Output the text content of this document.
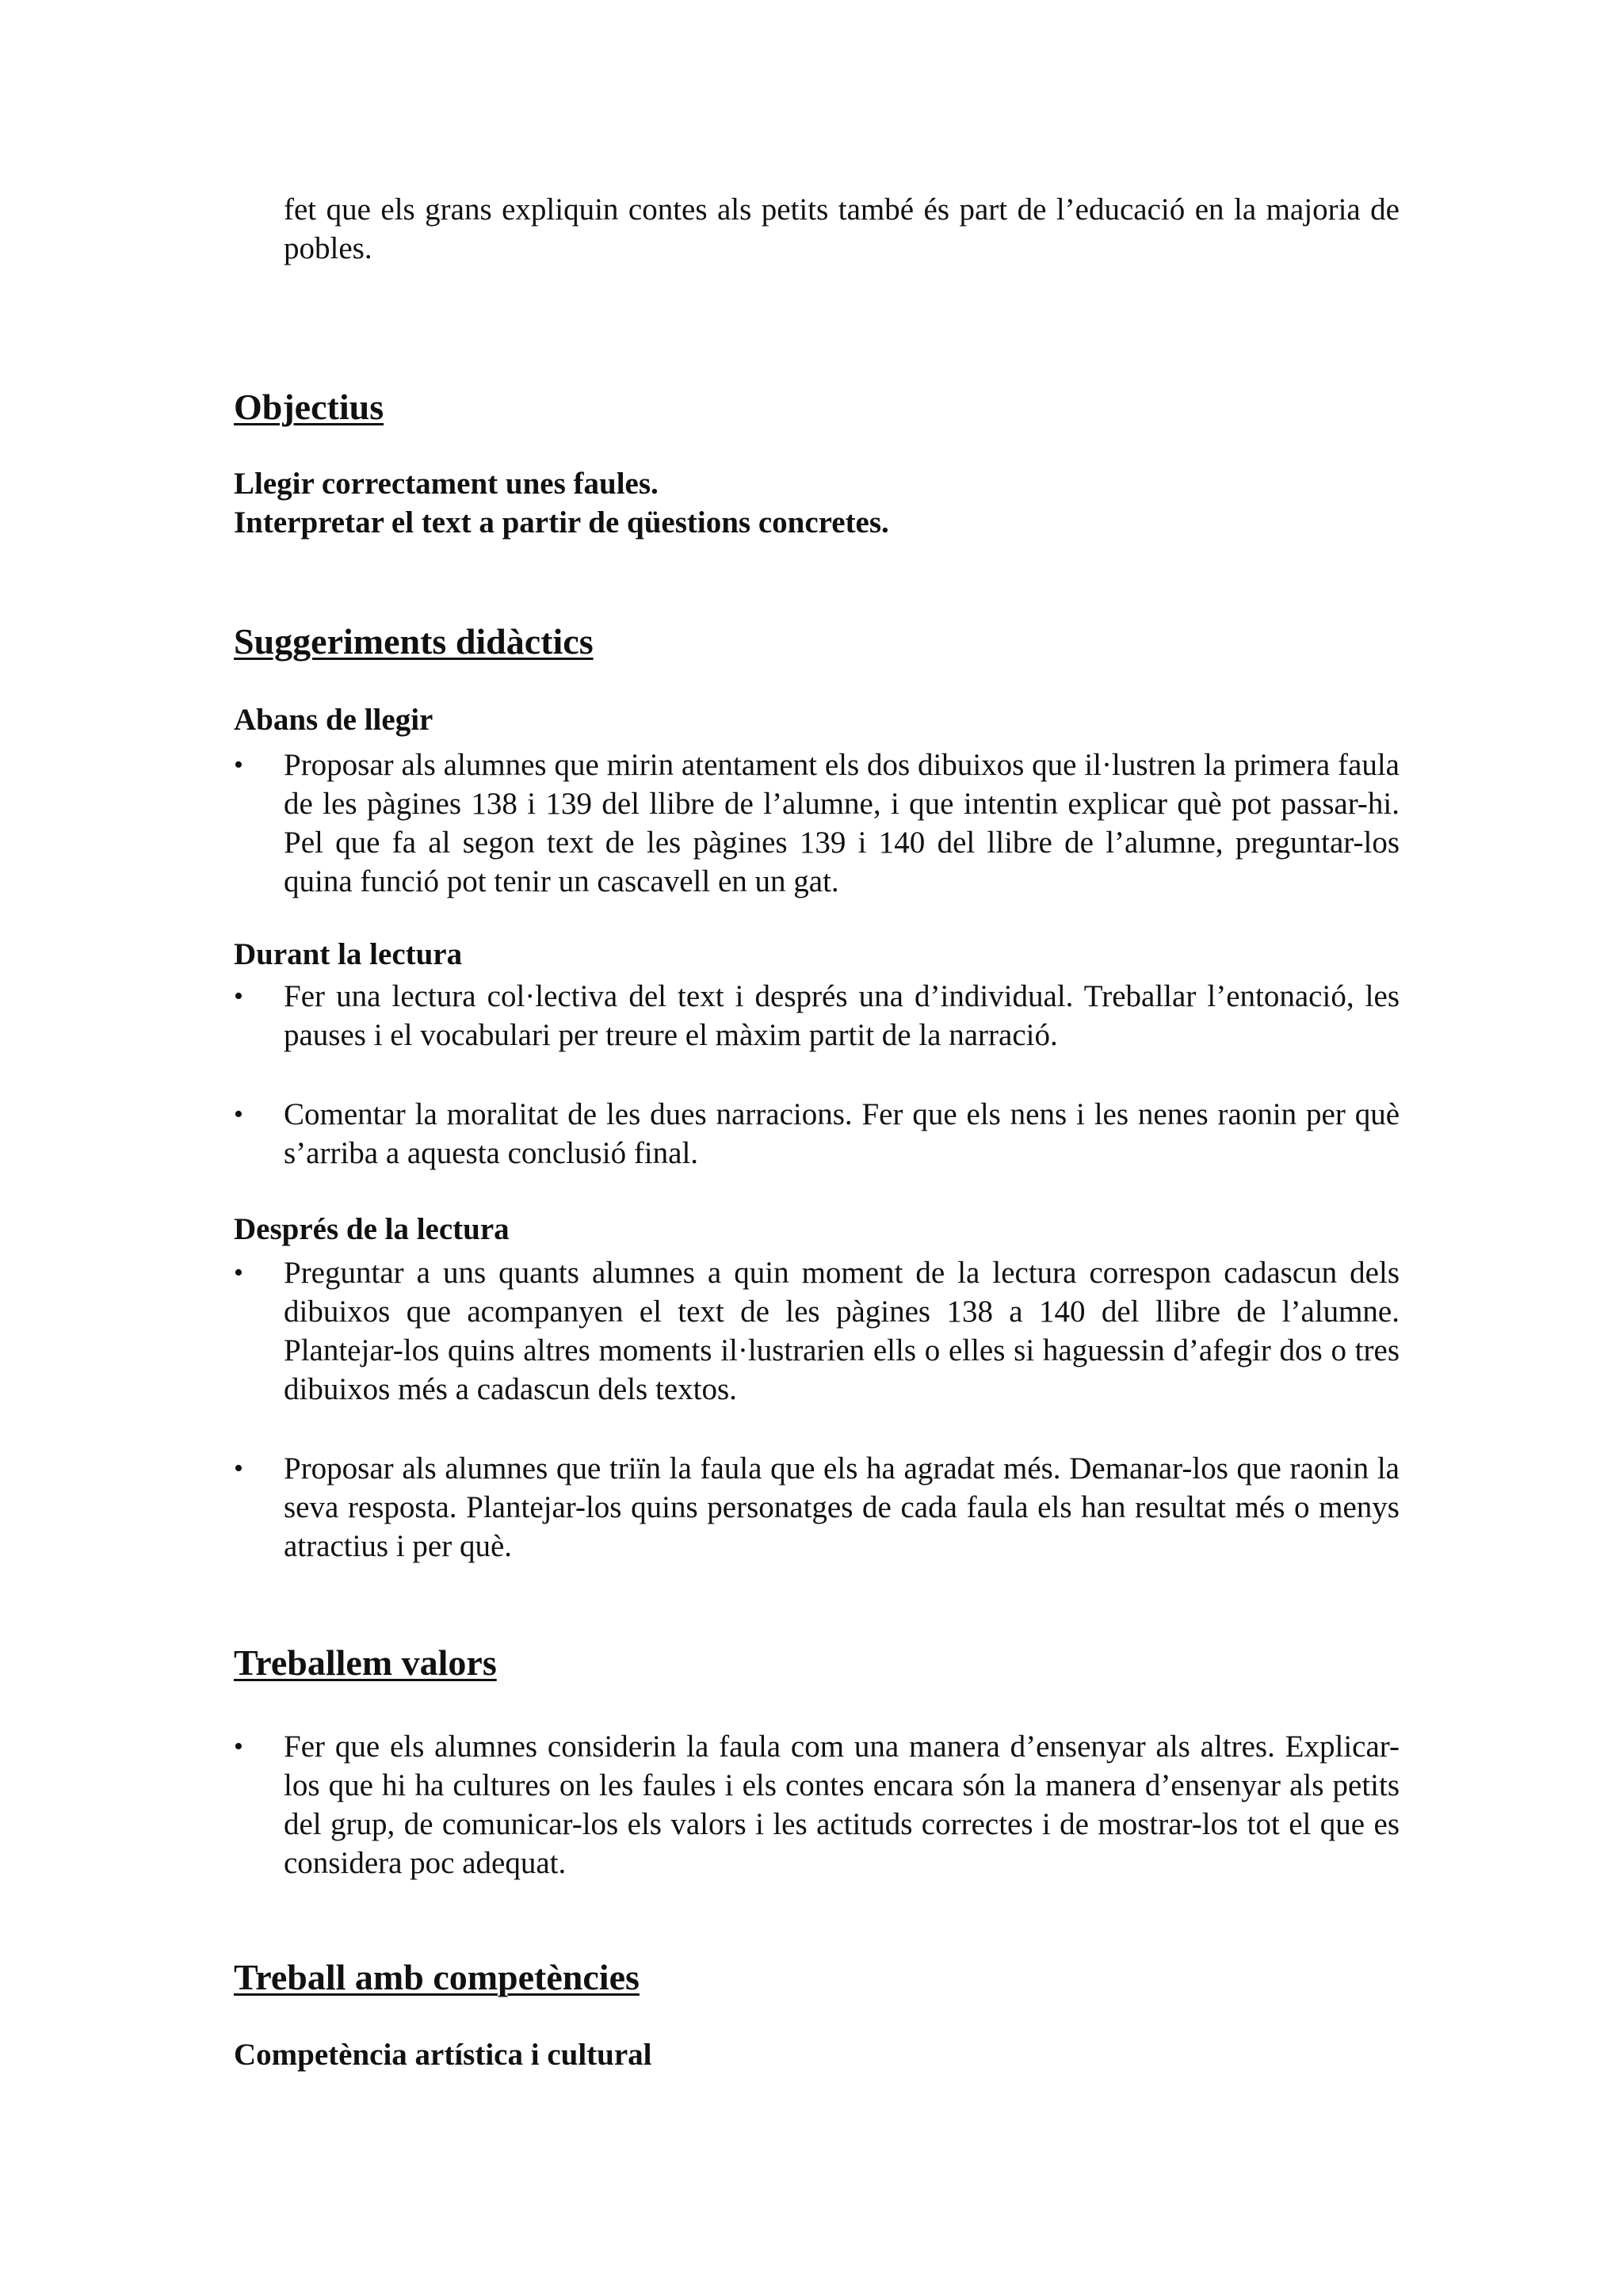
fet que els grans expliquin contes als petits també és part de l’educació en la majoria de pobles.

Objectius

Llegir correctament unes faules.

Interpretar el text a partir de qüestions concretes.

Suggeriments didàctics

Abans de llegir

•	Proposar als alumnes que mirin atentament els dos dibuixos que il·lustren la primera faula de les pàgines 138 i 139 del llibre de l’alumne, i que intentin explicar què pot passar-hi. Pel que fa al segon text de les pàgines 139 i 140 del llibre de l’alumne, preguntar-los quina funció pot tenir un cascavell en un gat.

Durant la lectura

•	Fer una lectura col·lectiva del text i després una d’individual. Treballar l’entonació, les pauses i el vocabulari per treure el màxim partit de la narració.

•	Comentar la moralitat de les dues narracions. Fer que els nens i les nenes raonin per què s’arriba a aquesta conclusió final.

Després de la lectura

•	Preguntar a uns quants alumnes a quin moment de la lectura correspon cadascun dels dibuixos que acompanyen el text de les pàgines 138 a 140 del llibre de l’alumne. Plantejar-los quins altres moments il·lustrarien ells o elles si haguessin d’afegir dos o tres dibuixos més a cadascun dels textos.

•	Proposar als alumnes que triïn la faula que els ha agradat més. Demanar-los que raonin la seva resposta. Plantejar-los quins personatges de cada faula els han resultat més o menys atractius i per què.

Treballem valors
•	Fer que els alumnes considerin la faula com una manera d’ensenyar als altres. Explicar-los que hi ha cultures on les faules i els contes encara són la manera d’ensenyar als petits del grup, de comunicar-los els valors i les actituds correctes i de mostrar-los tot el que es considera poc adequat.

Treball amb competències

Competència artística i cultural
